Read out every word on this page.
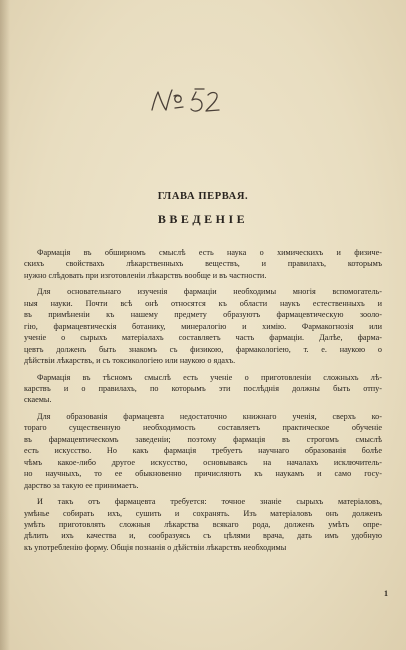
ГЛАВА ПЕРВАЯ.
ВВЕДЕНІЕ
Фармація въ обширномъ смыслѣ есть наука о химическихъ и физиче-
скихъ свойствахъ лѣкарственныхъ веществъ, и правилахъ, которымъ
нужно слѣдовать при изготовленіи лѣкарствъ вообще и въ частности.
Для основательнаго изученія фармаціи необходимы многія вспомогатель-
ныя науки. Почти всѣ онѣ относятся къ области наукъ естественныхъ и
въ примѣненіи къ нашему предмету образуютъ фармацевтическую зооло-
гію, фармацевтическія ботанику, минералогію и химію. Фармакогнозія или
ученіе о сырыхъ матеріалахъ составляетъ часть фармаціи. Далѣе, фарма-
цевтъ долженъ быть знакомъ съ физикою, фармакологіею, т. е. наукою о
дѣйствіи лѣкарствъ, и съ токсикологіею или наукою о ядахъ.
Фармація въ тѣсномъ смыслѣ есть ученіе о приготовленіи сложныхъ лѣ-
карствъ и о правилахъ, по которымъ эти послѣднія должны быть отпу-
скаемы.
Для образованія фармацевта недостаточно книжнаго ученія, сверхъ ко-
тораго существенную необходимость составляетъ практическое обученіе
въ фармацевтическомъ заведеніи; поэтому фармація въ строгомъ смыслѣ
есть искусство. Но какъ фармація требуетъ научнаго образованія болѣе
чѣмъ какое-либо другое искусство, основываясь на началахъ исключитель-
но научныхъ, то ее обыкновенно причисляютъ къ наукамъ и само госу-
дарство за такую ее принимаетъ.
И такъ отъ фармацевта требуется: точное знаніе сырыхъ матеріаловъ,
умѣнье собирать ихъ, сушить и сохранять. Изъ матеріаловъ онъ долженъ
умѣть приготовлять сложныя лѣкарства всякаго рода, долженъ умѣть опре-
дѣлить ихъ качества и, сообразуясь съ цѣлями врача, дать имъ удобную
къ употребленію форму. Общія познанія о дѣйствіи лѣкарствъ необходимы
1
